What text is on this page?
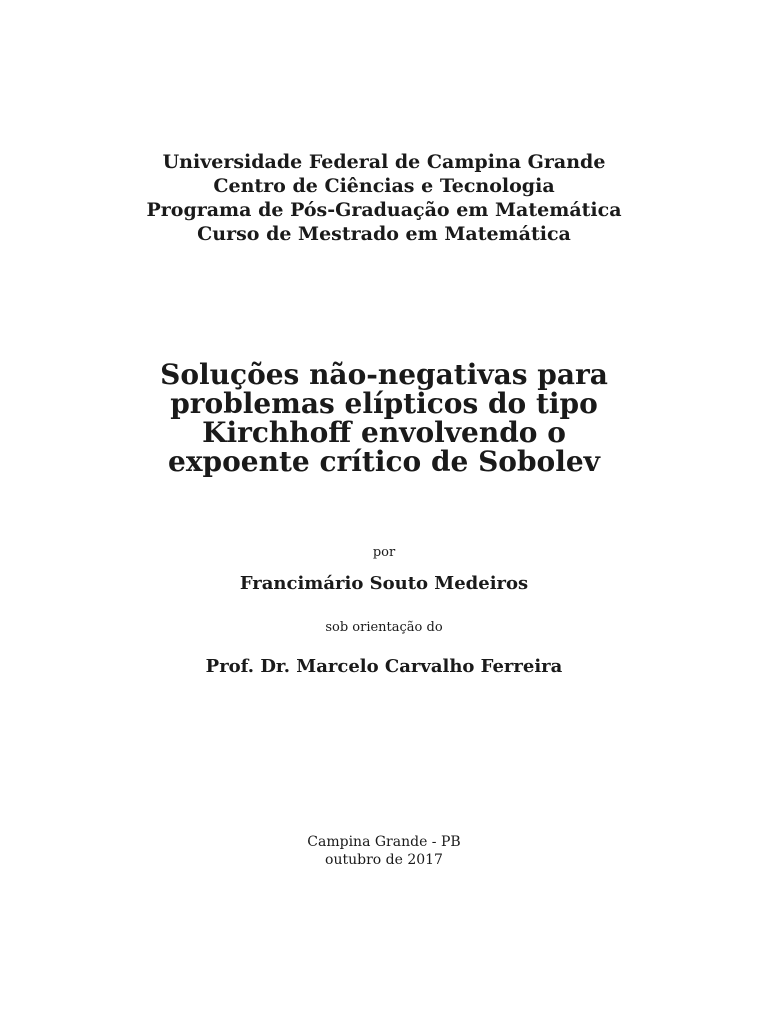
Universidade Federal de Campina Grande

Centro de Ciências e Tecnologia

Programa de Pós-Graduação em Matemática

Curso de Mestrado em Matemática

Soluções não-negativas para

problemas elípticos do tipo

Kirchhoff envolvendo o

expoente crítico de Sobolev

por

Francimário Souto Medeiros

sob orientação do

Prof. Dr. Marcelo Carvalho Ferreira

Campina Grande - PB

outubro de 2017
